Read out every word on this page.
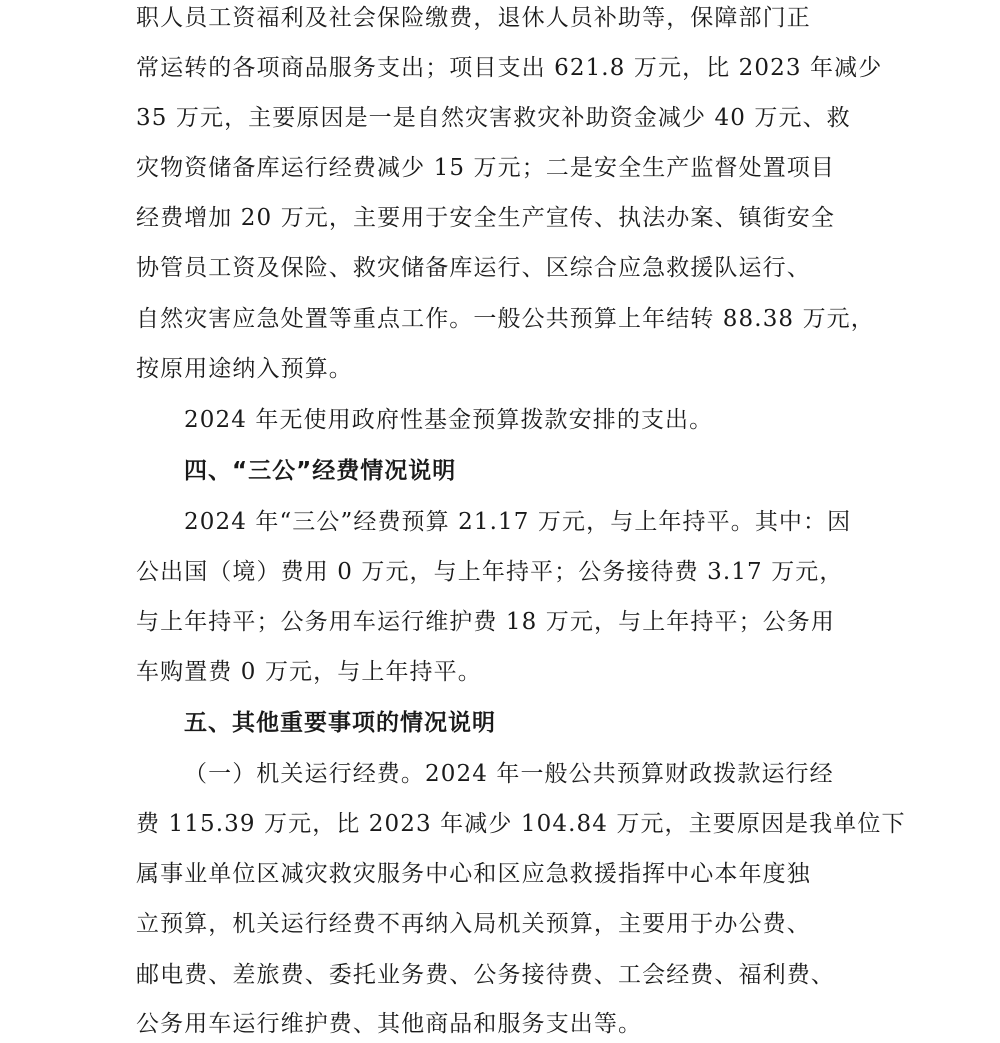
职人员工资福利及社会保险缴费，退休人员补助等，保障部门正
常运转的各项商品服务支出；项目支出 621.8 万元，比 2023 年减少
35 万元，主要原因是一是自然灾害救灾补助资金减少 40 万元、救
灾物资储备库运行经费减少 15 万元；二是安全生产监督处置项目
经费增加 20 万元，主要用于安全生产宣传、执法办案、镇街安全
协管员工资及保险、救灾储备库运行、区综合应急救援队运行、
自然灾害应急处置等重点工作。一般公共预算上年结转 88.38 万元，
按原用途纳入预算。
2024 年无使用政府性基金预算拨款安排的支出。
四、“三公”经费情况说明
2024 年“三公”经费预算 21.17 万元，与上年持平。其中：因
公出国（境）费用 0 万元，与上年持平；公务接待费 3.17 万元，
与上年持平；公务用车运行维护费 18 万元，与上年持平；公务用
车购置费 0 万元，与上年持平。
五、其他重要事项的情况说明
（一）机关运行经费。2024 年一般公共预算财政拨款运行经
费 115.39 万元，比 2023 年减少 104.84 万元，主要原因是我单位下
属事业单位区减灾救灾服务中心和区应急救援指挥中心本年度独
立预算，机关运行经费不再纳入局机关预算，主要用于办公费、
邮电费、差旅费、委托业务费、公务接待费、工会经费、福利费、
公务用车运行维护费、其他商品和服务支出等。
